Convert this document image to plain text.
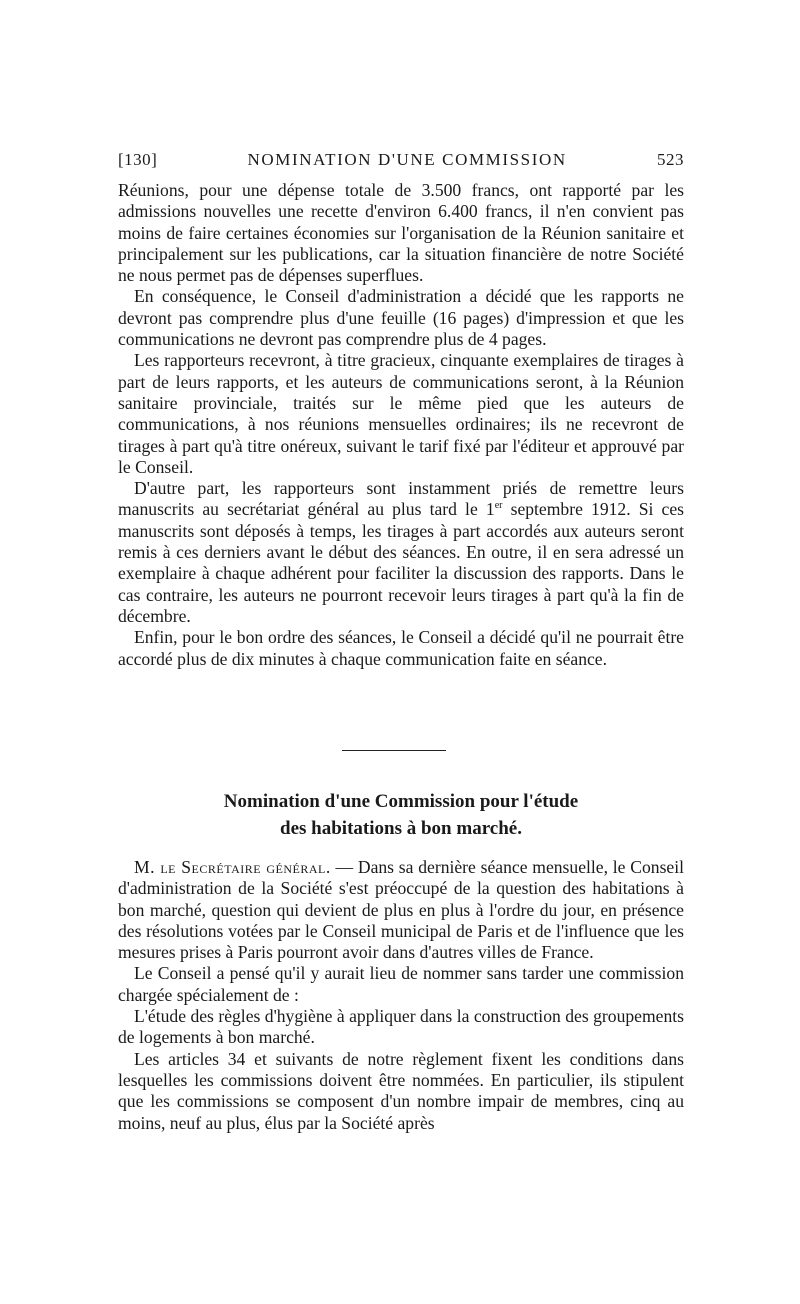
[130]	NOMINATION D'UNE COMMISSION	523

Réunions, pour une dépense totale de 3.500 francs, ont rapporté par les admissions nouvelles une recette d'environ 6.400 francs, il n'en convient pas moins de faire certaines économies sur l'organisation de la Réunion sanitaire et principalement sur les publications, car la situation financière de notre Société ne nous permet pas de dépenses superflues.

En conséquence, le Conseil d'administration a décidé que les rapports ne devront pas comprendre plus d'une feuille (16 pages) d'impression et que les communications ne devront pas comprendre plus de 4 pages.

Les rapporteurs recevront, à titre gracieux, cinquante exemplaires de tirages à part de leurs rapports, et les auteurs de communications seront, à la Réunion sanitaire provinciale, traités sur le même pied que les auteurs de communications, à nos réunions mensuelles ordinaires; ils ne recevront de tirages à part qu'à titre onéreux, suivant le tarif fixé par l'éditeur et approuvé par le Conseil.

D'autre part, les rapporteurs sont instamment priés de remettre leurs manuscrits au secrétariat général au plus tard le 1er septembre 1912. Si ces manuscrits sont déposés à temps, les tirages à part accordés aux auteurs seront remis à ces derniers avant le début des séances. En outre, il en sera adressé un exemplaire à chaque adhérent pour faciliter la discussion des rapports. Dans le cas contraire, les auteurs ne pourront recevoir leurs tirages à part qu'à la fin de décembre.

Enfin, pour le bon ordre des séances, le Conseil a décidé qu'il ne pourrait être accordé plus de dix minutes à chaque communication faite en séance.

Nomination d'une Commission pour l'étude
des habitations à bon marché.

M. le Secrétaire général. — Dans sa dernière séance mensuelle, le Conseil d'administration de la Société s'est préoccupé de la question des habitations à bon marché, question qui devient de plus en plus à l'ordre du jour, en présence des résolutions votées par le Conseil municipal de Paris et de l'influence que les mesures prises à Paris pourront avoir dans d'autres villes de France.

Le Conseil a pensé qu'il y aurait lieu de nommer sans tarder une commission chargée spécialement de :

L'étude des règles d'hygiène à appliquer dans la construction des groupements de logements à bon marché.

Les articles 34 et suivants de notre règlement fixent les conditions dans lesquelles les commissions doivent être nommées. En particulier, ils stipulent que les commissions se composent d'un nombre impair de membres, cinq au moins, neuf au plus, élus par la Société après
